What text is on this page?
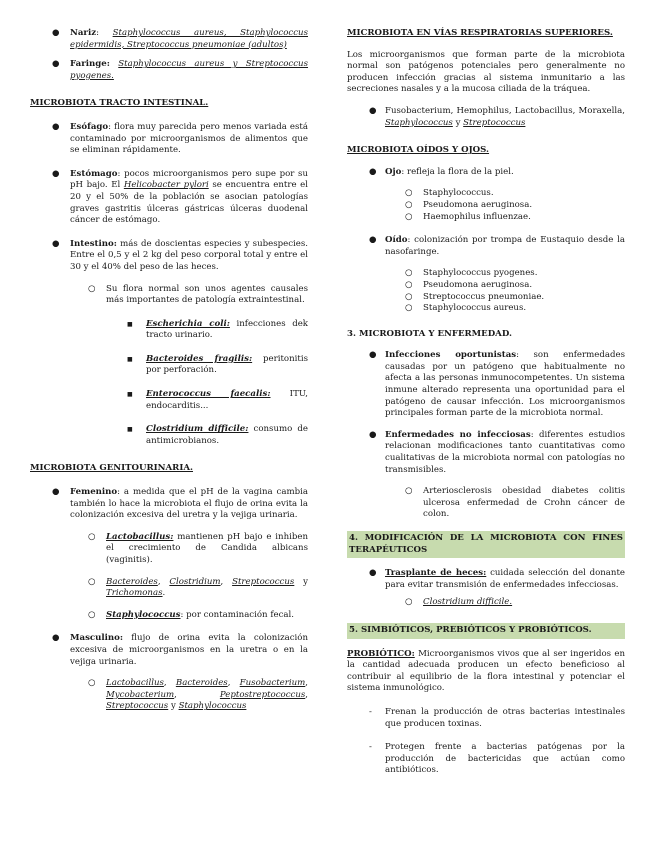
● Nariz: Staphylococcus aureus, Staphylococcus epidermidis, Streptococcus pneumoniae (adultos)
● Faringe: Staphylococcus aureus y Streptococcus pyogenes.
MICROBIOTA TRACTO INTESTINAL.
● Esófago: flora muy parecida pero menos variada está contaminado por microorganismos de alimentos que se eliminan rápidamente.
● Estómago: pocos microorganismos pero supe por su pH bajo. El Helicobacter pylori se encuentra entre el 20 y el 50% de la población se asocian patologías graves gastritis úlceras gástricas úlceras duodenal cáncer de estómago.
● Intestino: más de doscientas especies y subespecies. Entre el 0,5 y el 2 kg del peso corporal total y entre el 30 y el 40% del peso de las heces.
○ Su flora normal son unos agentes causales más importantes de patología extraintestinal.
■ Escherichia coli: infecciones dek tracto urinario.
■ Bacteroides fragilis: peritonitis por perforación.
■ Enterococcus faecalis: ITU, endocarditis...
■ Clostridium difficile: consumo de antimicrobianos.
MICROBIOTA GENITOURINARIA.
● Femenino: a medida que el pH de la vagina cambia también lo hace la microbiota el flujo de orina evita la colonización excesiva del uretra y la vejiga urinaria.
○ Lactobacillus: mantienen pH bajo e inhiben el crecimiento de Candida albicans (vaginitis).
○ Bacteroides, Clostridium, Streptococcus y Trichomonas.
○ Staphylococcus: por contaminación fecal.
● Masculino: flujo de orina evita la colonización excesiva de microorganismos en la uretra o en la vejiga urinaria.
○ Lactobacillus, Bacteroides, Fusobacterium, Mycobacterium, Peptostreptococcus, Streptococcus y Staphylococcus
MICROBIOTA EN VÍAS RESPIRATORIAS SUPERIORES.
Los microorganismos que forman parte de la microbiota normal son patógenos potenciales pero generalmente no producen infección gracias al sistema inmunitario a las secreciones nasales y a la mucosa ciliada de la tráquea.
● Fusobacterium, Hemophilus, Lactobacillus, Moraxella, Staphylococcus y Streptococcus
MICROBIOTA OÍDOS Y OJOS.
● Ojo: refleja la flora de la piel.
○ Staphylococcus.
○ Pseudomona aeruginosa.
○ Haemophilus influenzae.
● Oído: colonización por trompa de Eustaquio desde la nasofaringe.
○ Staphylococcus pyogenes.
○ Pseudomona aeruginosa.
○ Streptococcus pneumoniae.
○ Staphylococcus aureus.
3. MICROBIOTA Y ENFERMEDAD.
● Infecciones oportunistas: son enfermedades causadas por un patógeno que habitualmente no afecta a las personas inmunocompetentes. Un sistema inmune alterado representa una oportunidad para el patógeno de causar infección. Los microorganismos principales forman parte de la microbiota normal.
● Enfermedades no infecciosas: diferentes estudios relacionan modificaciones tanto cuantitativas como cualitativas de la microbiota normal con patologías no transmisibles.
○ Arteriosclerosis obesidad diabetes colitis ulcerosa enfermedad de Crohn cáncer de colon.
4. MODIFICACIÓN DE LA MICROBIOTA CON FINES TERAPÉUTICOS
● Trasplante de heces: cuidada selección del donante para evitar transmisión de enfermedades infecciosas.
○ Clostridium difficile.
5. SIMBIÓTICOS, PREBIÓTICOS Y PROBIÓTICOS.
PROBIÓTICO: Microorganismos vivos que al ser ingeridos en la cantidad adecuada producen un efecto beneficioso al contribuir al equilibrio de la flora intestinal y potenciar el sistema inmunológico.
- Frenan la producción de otras bacterias intestinales que producen toxinas.
- Protegen frente a bacterias patógenas por la producción de bactericidas que actúan como antibióticos.
